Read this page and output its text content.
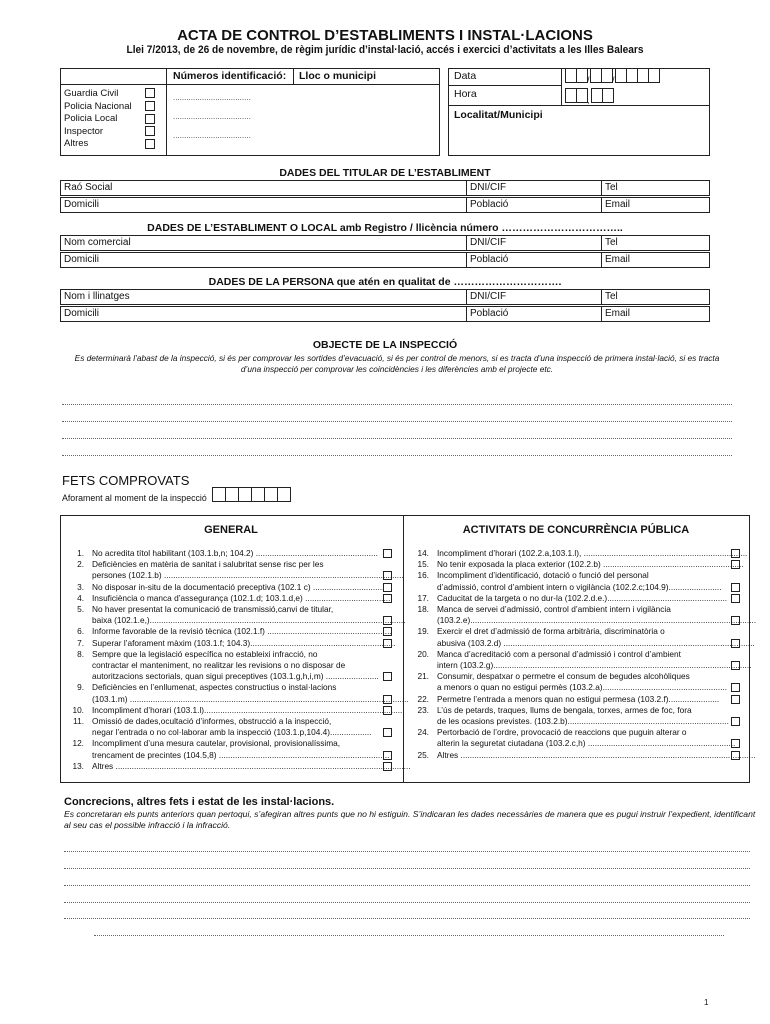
ACTA DE CONTROL D’ESTABLIMENTS I INSTAL·LACIONS
Llei 7/2013, de 26 de novembre, de règim jurídic d’instal·lació, accés i exercici d’activitats a les Illes Balears
Números identificació: Lloc o municipi
Guardia Civil
Policia Nacional
Policia Local
Inspector
Altres
...................................
...................................
...................................
Data
Hora
Localitat/Municipi
/ /
,
DADES DEL TITULAR DE L’ESTABLIMENT
Raó Social	DNI/CIF	Tel
Domicili	Població	Email
DADES DE L’ESTABLIMENT O LOCAL amb Registro / llicència número ……………………………..
Nom comercial	DNI/CIF	Tel
Domicili	Població	Email
DADES DE LA PERSONA que atén en qualitat de ………………………….
Nom i llinatges	DNI/CIF	Tel
Domicili	Població	Email
OBJECTE DE LA INSPECCIÓ
Es determinarà l’abast de la inspecció, si és per comprovar les sortides d’evacuació, si és per control de menors, si es tracta d’una inspecció de primera instal·lació, si es tracta
d’una inspecció per comprovar les coincidències i les diferències amb el projecte etc.
FETS COMPROVATS
Aforament al moment de la inspecció
GENERAL	ACTIVITATS DE CONCURRÈNCIA PÚBLICA
1. No acredita títol habilitant (103.1.b,n; 104.2) .....................................................
2. Deficiències en matèria de sanitat i salubritat sense risc per les
persones (102.1.b) ........................................................................................................
3. No disposar in-situ de la documentació preceptiva (102.1 c) ...............................
4. Insuficiència o manca d’assegurança (102.1.d; 103.1.d,e) ......................................
5. No haver presentat la comunicació de transmissió,canvi de titular,
baixa (102.1.e,)...............................................................................................................
6. Informe favorable de la revisió tècnica (102.1.f) ......................................................
7. Superar l’aforament màxim (103.1.f; 104.3)...............................................................
8. Sempre que la legislació específica no estableixi infracció, no
contractar el manteniment, no realitzar les revisions o no disposar de
autoritzacions sectorials, quan sigui preceptives (103.1.g,h,i,m) .......................
9. Deficiències en l’enllumenat, aspectes constructius o instal·lacions
(103.1.m) .........................................................................................................................
10. Incompliment d’horari (103.1.l)......................................................................................
11. Omissió de dades,ocultació d’informes, obstrucció a la inspecció,
negar l’entrada o no col·laborar amb la inspecció (103.1.p,104.4)..................
12. Incompliment d’una mesura cautelar, provisional, provisionalíssima,
trencament de precintes (104.5,8) ..........................................................................
13. Altres ................................................................................................................................
14. Incompliment d’horari (102.2.a,103.1.l), .......................................................................
15. No tenir exposada la placa exterior (102.2.b) .............................................................
16. Incompliment d’identificació, dotació o funció del personal
d’admissió, control d’ambient intern o vigilància (102.2.c;104.9).......................
17. Caducitat de la targeta o no dur-la (102.2.d.e.)....................................................
18. Manca de servei d’admissió, control d’ambient intern i vigilància
(103.2.e)............................................................................................................................
19. Exercir el dret d’admissió de forma arbitrària, discriminatòria o
abusiva (103.2.d) .............................................................................................................
20. Manca d’acreditació com a personal d’admissió i control d’ambient
intern (103.2.g)................................................................................................................
21. Consumir, despatxar o permetre el consum de begudes alcohòliques
a menors o quan no estigui permès (103.2.a)......................................................
22. Permetre l’entrada a menors quan no estigui permesa (103.2.f)......................
23. L’ús de petards, traques, llums de bengala, torxes, armes de foc, fora
de les ocasions previstes. (103.2.b)......................................................................
24. Pertorbació de l’ordre, provocació de reaccions que puguin alterar o
alterin la seguretat ciutadana (103.2.c,h) ................................................................
25. Altres ................................................................................................................................
Concrecions, altres fets i estat de les instal·lacions.
Es concretaran els punts anteriors quan pertoqui, s’afegiran altres punts que no hi estiguin. S’indicaran les dades necessàries de manera que es pugui instruir l’expedient, identificant
al seu cas el possible infracció i la infracció.
1
